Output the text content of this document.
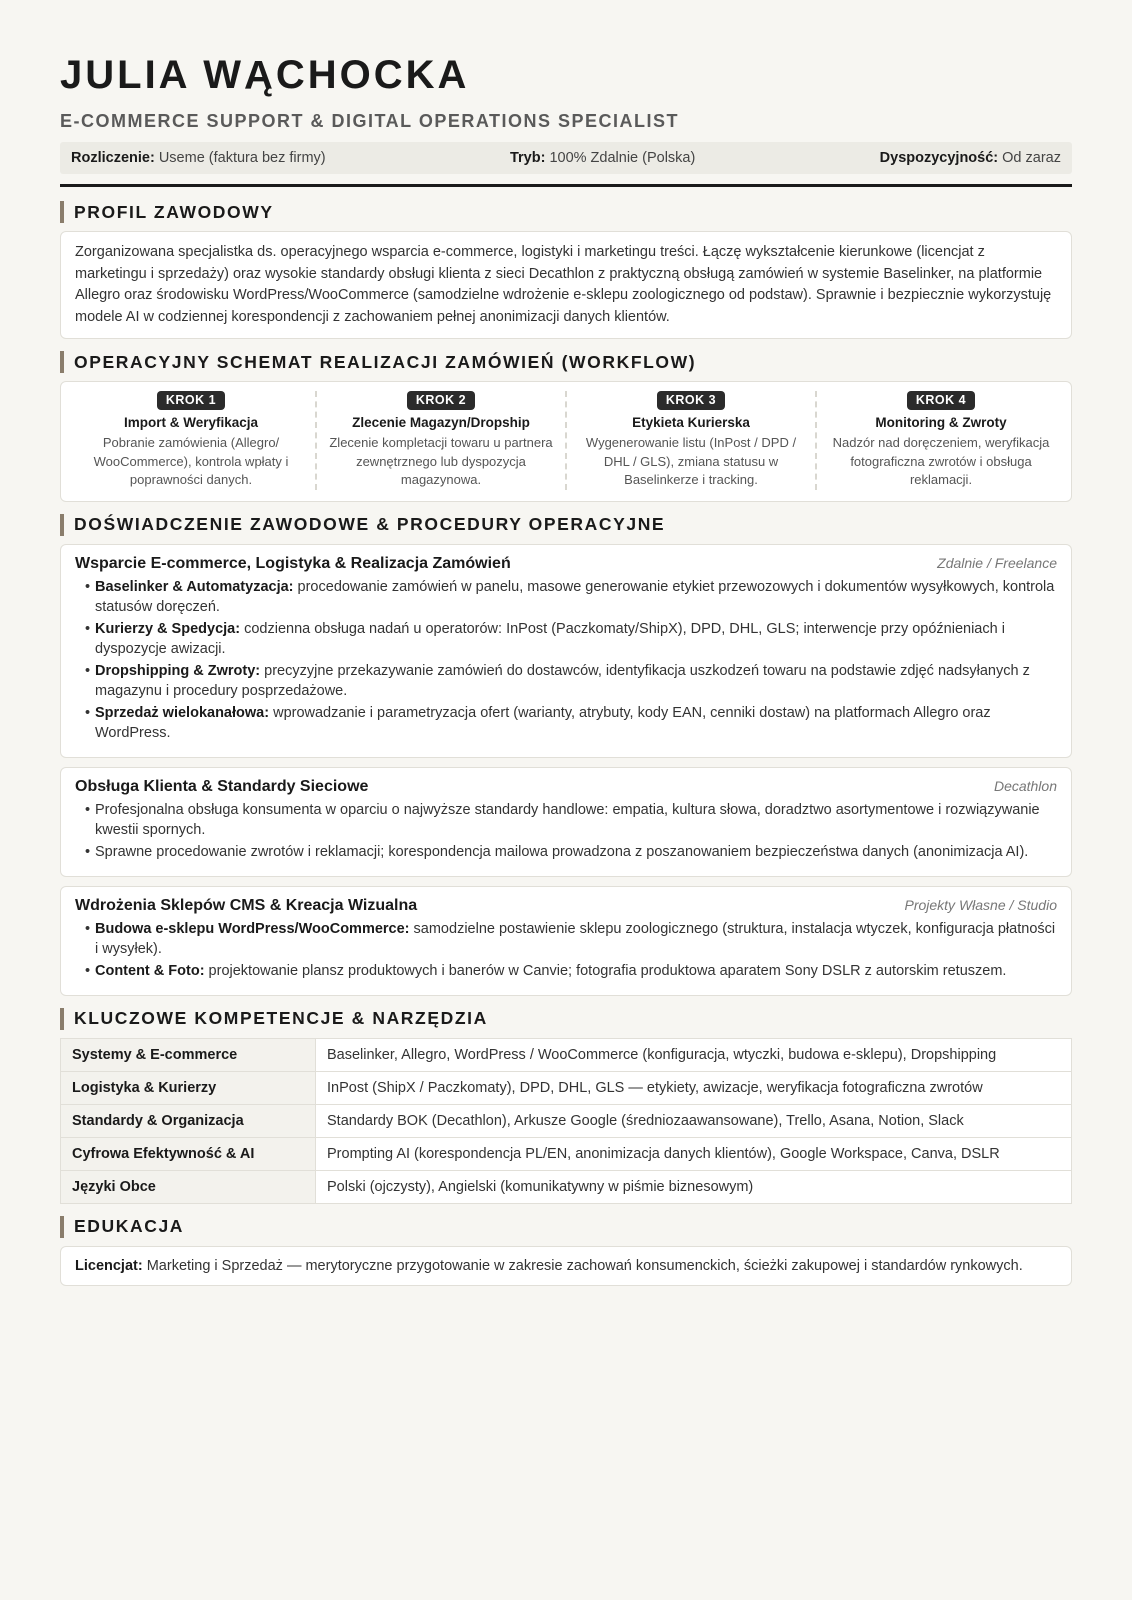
JULIA WĄCHOCKA
E-COMMERCE SUPPORT & DIGITAL OPERATIONS SPECIALIST
Rozliczenie: Useme (faktura bez firmy)	Tryb: 100% Zdalnie (Polska)	Dyspozycyjność: Od zaraz
PROFIL ZAWODOWY
Zorganizowana specjalistka ds. operacyjnego wsparcia e-commerce, logistyki i marketingu treści. Łączę wykształcenie kierunkowe (licencjat z marketingu i sprzedaży) oraz wysokie standardy obsługi klienta z sieci Decathlon z praktyczną obsługą zamówień w systemie Baselinker, na platformie Allegro oraz środowisku WordPress/WooCommerce (samodzielne wdrożenie e-sklepu zoologicznego od podstaw). Sprawnie i bezpiecznie wykorzystuję modele AI w codziennej korespondencji z zachowaniem pełnej anonimizacji danych klientów.
OPERACYJNY SCHEMAT REALIZACJI ZAMÓWIEŃ (WORKFLOW)
KROK 1
Import & Weryfikacja
Pobranie zamówienia (Allegro/ WooCommerce), kontrola wpłaty i poprawności danych.
KROK 2
Zlecenie Magazyn/Dropship
Zlecenie kompletacji towaru u partnera zewnętrznego lub dyspozycja magazynowa.
KROK 3
Etykieta Kurierska
Wygenerowanie listu (InPost / DPD / DHL / GLS), zmiana statusu w Baselinkerze i tracking.
KROK 4
Monitoring & Zwroty
Nadzór nad doręczeniem, weryfikacja fotograficzna zwrotów i obsługa reklamacji.
DOŚWIADCZENIE ZAWODOWE & PROCEDURY OPERACYJNE
Wsparcie E-commerce, Logistyka & Realizacja Zamówień	Zdalnie / Freelance
• Baselinker & Automatyzacja: procedowanie zamówień w panelu, masowe generowanie etykiet przewozowych i dokumentów wysyłkowych, kontrola statusów doręczeń.
• Kurierzy & Spedycja: codzienna obsługa nadań u operatorów: InPost (Paczkomaty/ShipX), DPD, DHL, GLS; interwencje przy opóźnieniach i dyspozycje awizacji.
• Dropshipping & Zwroty: precyzyjne przekazywanie zamówień do dostawców, identyfikacja uszkodzeń towaru na podstawie zdjęć nadsyłanych z magazynu i procedury posprzedażowe.
• Sprzedaż wielokanałowa: wprowadzanie i parametryzacja ofert (warianty, atrybuty, kody EAN, cenniki dostaw) na platformach Allegro oraz WordPress.
Obsługa Klienta & Standardy Sieciowe	Decathlon
• Profesjonalna obsługa konsumenta w oparciu o najwyższe standardy handlowe: empatia, kultura słowa, doradztwo asortymentowe i rozwiązywanie kwestii spornych.
• Sprawne procedowanie zwrotów i reklamacji; korespondencja mailowa prowadzona z poszanowaniem bezpieczeństwa danych (anonimizacja AI).
Wdrożenia Sklepów CMS & Kreacja Wizualna	Projekty Własne / Studio
• Budowa e-sklepu WordPress/WooCommerce: samodzielne postawienie sklepu zoologicznego (struktura, instalacja wtyczek, konfiguracja płatności i wysyłek).
• Content & Foto: projektowanie plansz produktowych i banerów w Canvie; fotografia produktowa aparatem Sony DSLR z autorskim retuszem.
KLUCZOWE KOMPETENCJE & NARZĘDZIA
Systemy & E-commerce	Baselinker, Allegro, WordPress / WooCommerce (konfiguracja, wtyczki, budowa e-sklepu), Dropshipping
Logistyka & Kurierzy	InPost (ShipX / Paczkomaty), DPD, DHL, GLS — etykiety, awizacje, weryfikacja fotograficzna zwrotów
Standardy & Organizacja	Standardy BOK (Decathlon), Arkusze Google (średniozaawansowane), Trello, Asana, Notion, Slack
Cyfrowa Efektywność & AI	Prompting AI (korespondencja PL/EN, anonimizacja danych klientów), Google Workspace, Canva, DSLR
Języki Obce	Polski (ojczysty), Angielski (komunikatywny w piśmie biznesowym)
EDUKACJA
Licencjat: Marketing i Sprzedaż — merytoryczne przygotowanie w zakresie zachowań konsumenckich, ścieżki zakupowej i standardów rynkowych.
